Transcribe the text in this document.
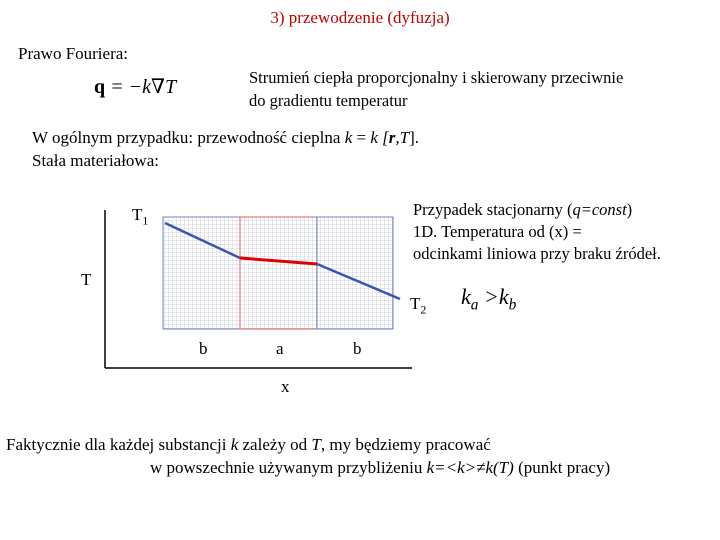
3) przewodzenie (dyfuzja)
Prawo Fouriera:
q = −k∇T	Strumień ciepła proporcjonalny i skierowany przeciwnie
do gradientu temperatur
W ogólnym przypadku: przewodność cieplna k = k [r,T].
Stała materiałowa:
$T_1$
$T_2$
T
x
b	a	b
Przypadek stacjonarny (q=const)
1D. Temperatura od (x) =
odcinkami liniowa przy braku źródeł.
$k_a >k_b$
Faktycznie dla każdej substancji k zależy od T, my będziemy pracować
w powszechnie używanym przybliżeniu k=<k>≠k(T) (punkt pracy)
